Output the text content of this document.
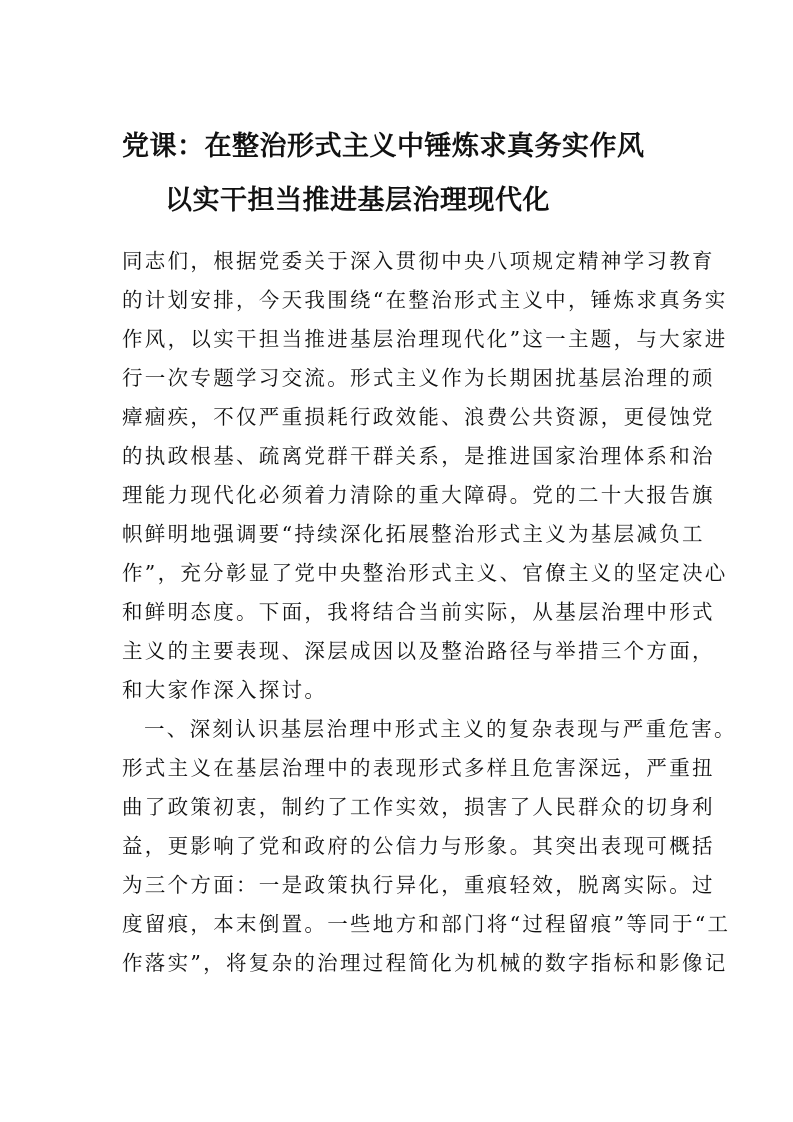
党课：在整治形式主义中锤炼求真务实作风
以实干担当推进基层治理现代化
同志们，根据党委关于深入贯彻中央八项规定精神学习教育
的计划安排，今天我围绕“在整治形式主义中，锤炼求真务实
作风，以实干担当推进基层治理现代化”这一主题，与大家进
行一次专题学习交流。形式主义作为长期困扰基层治理的顽
瘴痼疾，不仅严重损耗行政效能、浪费公共资源，更侵蚀党
的执政根基、疏离党群干群关系，是推进国家治理体系和治
理能力现代化必须着力清除的重大障碍。党的二十大报告旗
帜鲜明地强调要“持续深化拓展整治形式主义为基层减负工
作”，充分彰显了党中央整治形式主义、官僚主义的坚定决心
和鲜明态度。下面，我将结合当前实际，从基层治理中形式
主义的主要表现、深层成因以及整治路径与举措三个方面，
和大家作深入探讨。
一、深刻认识基层治理中形式主义的复杂表现与严重危害。
形式主义在基层治理中的表现形式多样且危害深远，严重扭
曲了政策初衷，制约了工作实效，损害了人民群众的切身利
益，更影响了党和政府的公信力与形象。其突出表现可概括
为三个方面：一是政策执行异化，重痕轻效，脱离实际。过
度留痕，本末倒置。一些地方和部门将“过程留痕”等同于“工
作落实”，将复杂的治理过程简化为机械的数字指标和影像记
